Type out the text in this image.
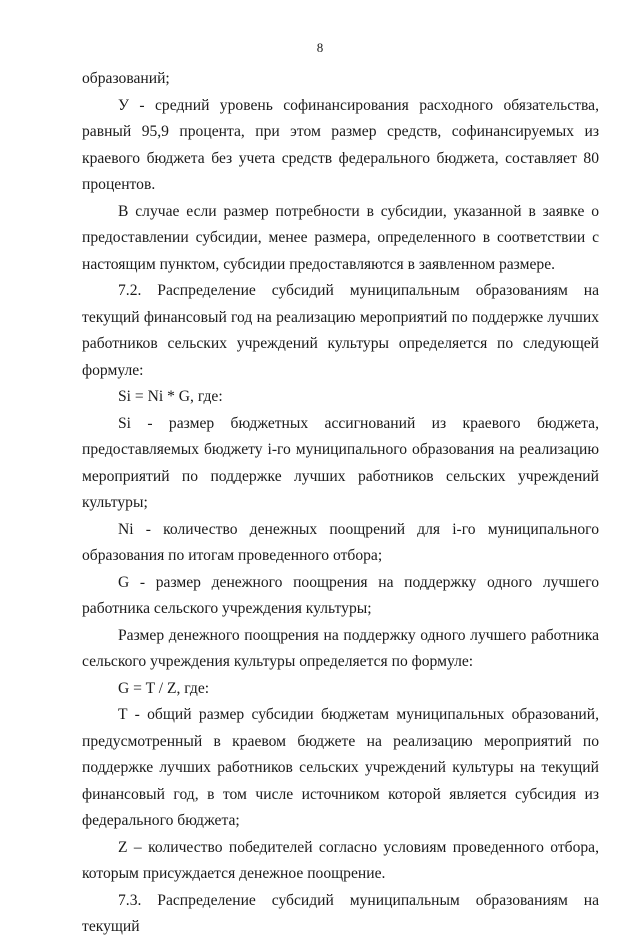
8

образований;

У - средний уровень софинансирования расходного обязательства, равный 95,9 процента, при этом размер средств, софинансируемых из краевого бюджета без учета средств федерального бюджета, составляет 80 процентов.

В случае если размер потребности в субсидии, указанной в заявке о предоставлении субсидии, менее размера, определенного в соответствии с настоящим пунктом, субсидии предоставляются в заявленном размере.

7.2. Распределение субсидий муниципальным образованиям на текущий финансовый год на реализацию мероприятий по поддержке лучших работников сельских учреждений культуры определяется по следующей формуле:

Si = Ni * G, где:

Si - размер бюджетных ассигнований из краевого бюджета, предоставляемых бюджету i-го муниципального образования на реализацию мероприятий по поддержке лучших работников сельских учреждений культуры;

Ni - количество денежных поощрений для i-го муниципального образования по итогам проведенного отбора;

G - размер денежного поощрения на поддержку одного лучшего работника сельского учреждения культуры;

Размер денежного поощрения на поддержку одного лучшего работника сельского учреждения культуры определяется по формуле:

G = T / Z, где:

T - общий размер субсидии бюджетам муниципальных образований, предусмотренный в краевом бюджете на реализацию мероприятий по поддержке лучших работников сельских учреждений культуры на текущий финансовый год, в том числе источником которой является субсидия из федерального бюджета;

Z – количество победителей согласно условиям проведенного отбора, которым присуждается денежное поощрение.

7.3. Распределение субсидий муниципальным образованиям на текущий
